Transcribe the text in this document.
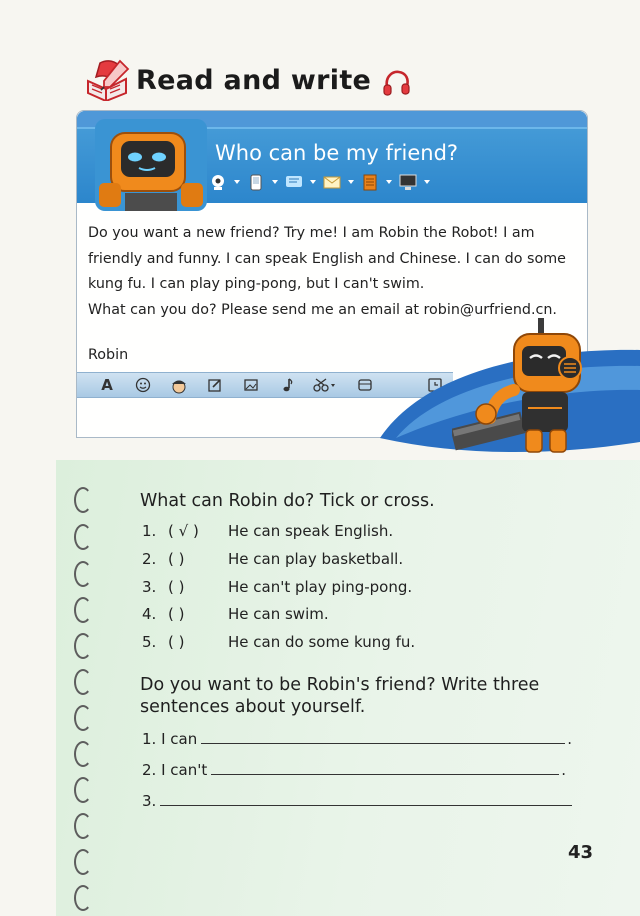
Read and write
Who can be my friend?

Do you want a new friend? Try me! I am Robin the Robot! I am friendly and funny. I can speak English and Chinese. I can do some kung fu. I can play ping-pong, but I can't swim.

What can you do? Please send me an email at robin@urfriend.cn.

Robin
A
What can Robin do? Tick or cross.
1. ( √ ) He can speak English.
2. ( )	He can play basketball.
3. ( )	He can't play ping-pong.
4. ( )	He can swim.
5. ( )	He can do some kung fu.
Do you want to be Robin's friend? Write three sentences about yourself.
1.
I can	.
2.
I can't	.
3.
43
